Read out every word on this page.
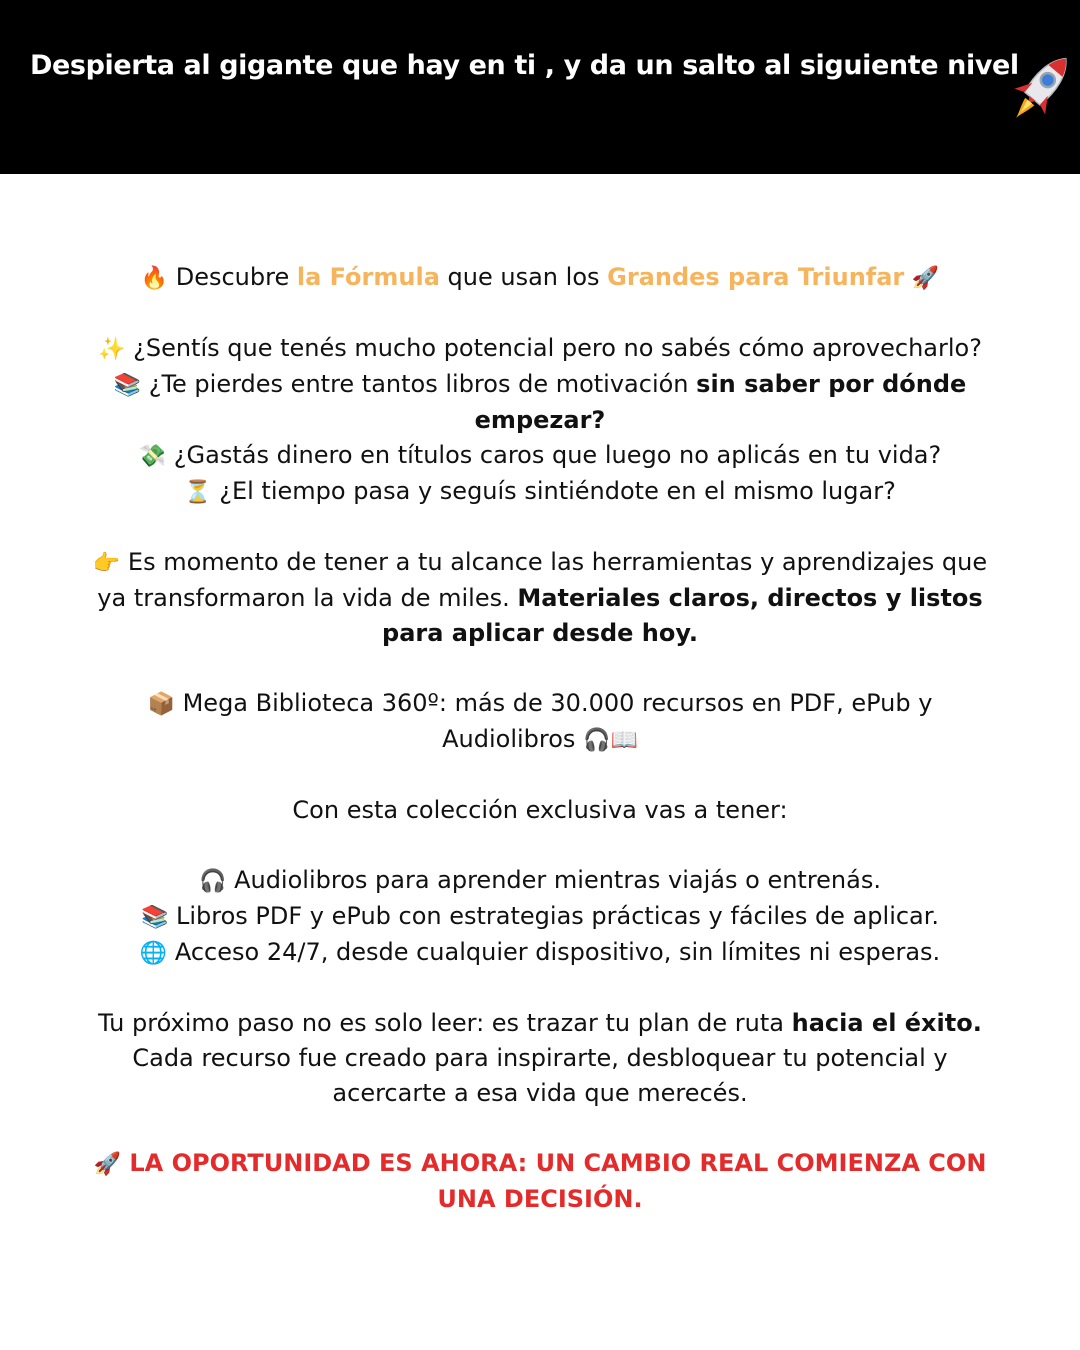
Despierta al gigante que hay en ti , y da un salto al siguiente nivel

🔥 Descubre la Fórmula que usan los Grandes para Triunfar 🚀

✨ ¿Sentís que tenés mucho potencial pero no sabés cómo aprovecharlo?
📚 ¿Te pierdes entre tantos libros de motivación sin saber por dónde empezar?
💸 ¿Gastás dinero en títulos caros que luego no aplicás en tu vida?
⏳ ¿El tiempo pasa y seguís sintiéndote en el mismo lugar?

👉 Es momento de tener a tu alcance las herramientas y aprendizajes que ya transformaron la vida de miles. Materiales claros, directos y listos para aplicar desde hoy.

📦 Mega Biblioteca 360º: más de 30.000 recursos en PDF, ePub y Audiolibros 🎧📖

Con esta colección exclusiva vas a tener:

🎧 Audiolibros para aprender mientras viajás o entrenás.
📚 Libros PDF y ePub con estrategias prácticas y fáciles de aplicar.
🌐 Acceso 24/7, desde cualquier dispositivo, sin límites ni esperas.

Tu próximo paso no es solo leer: es trazar tu plan de ruta hacia el éxito.
Cada recurso fue creado para inspirarte, desbloquear tu potencial y acercarte a esa vida que merecés.

🚀 LA OPORTUNIDAD ES AHORA: UN CAMBIO REAL COMIENZA CON UNA DECISIÓN.
